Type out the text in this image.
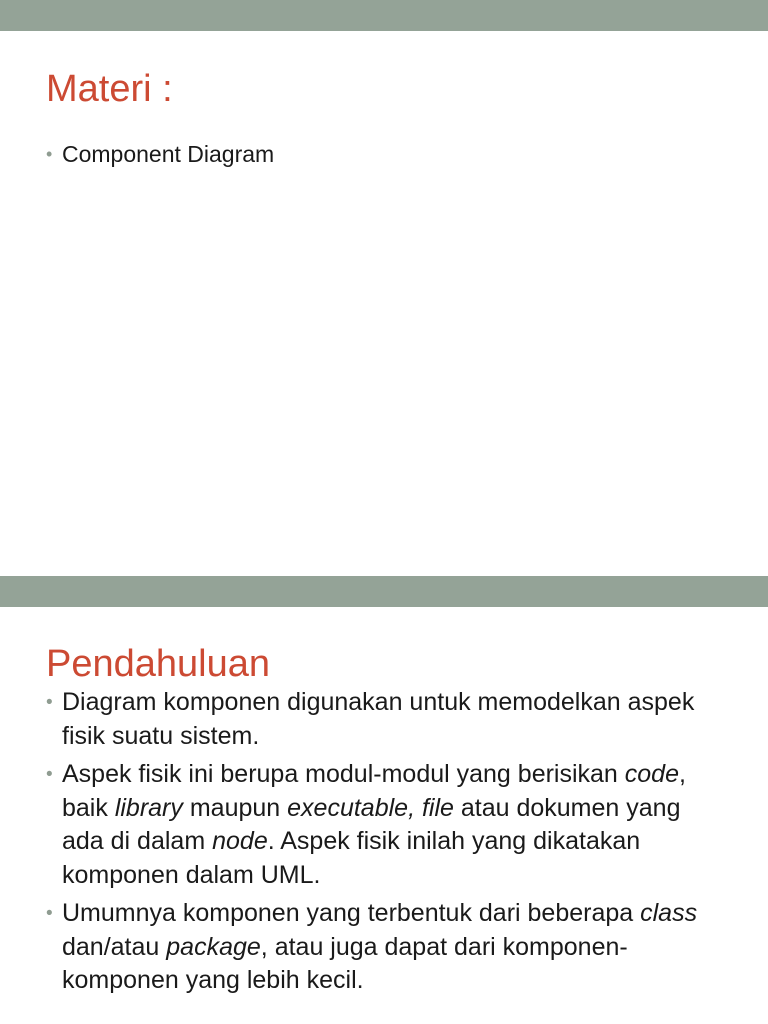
Materi :
• Component Diagram
Pendahuluan
• Diagram komponen digunakan untuk memodelkan aspek fisik suatu sistem.
• Aspek fisik ini berupa modul-modul yang berisikan code, baik library maupun executable, file atau dokumen yang ada di dalam node. Aspek fisik inilah yang dikatakan komponen dalam UML.
• Umumnya komponen yang terbentuk dari beberapa class dan/atau package, atau juga dapat dari komponen-komponen yang lebih kecil.
